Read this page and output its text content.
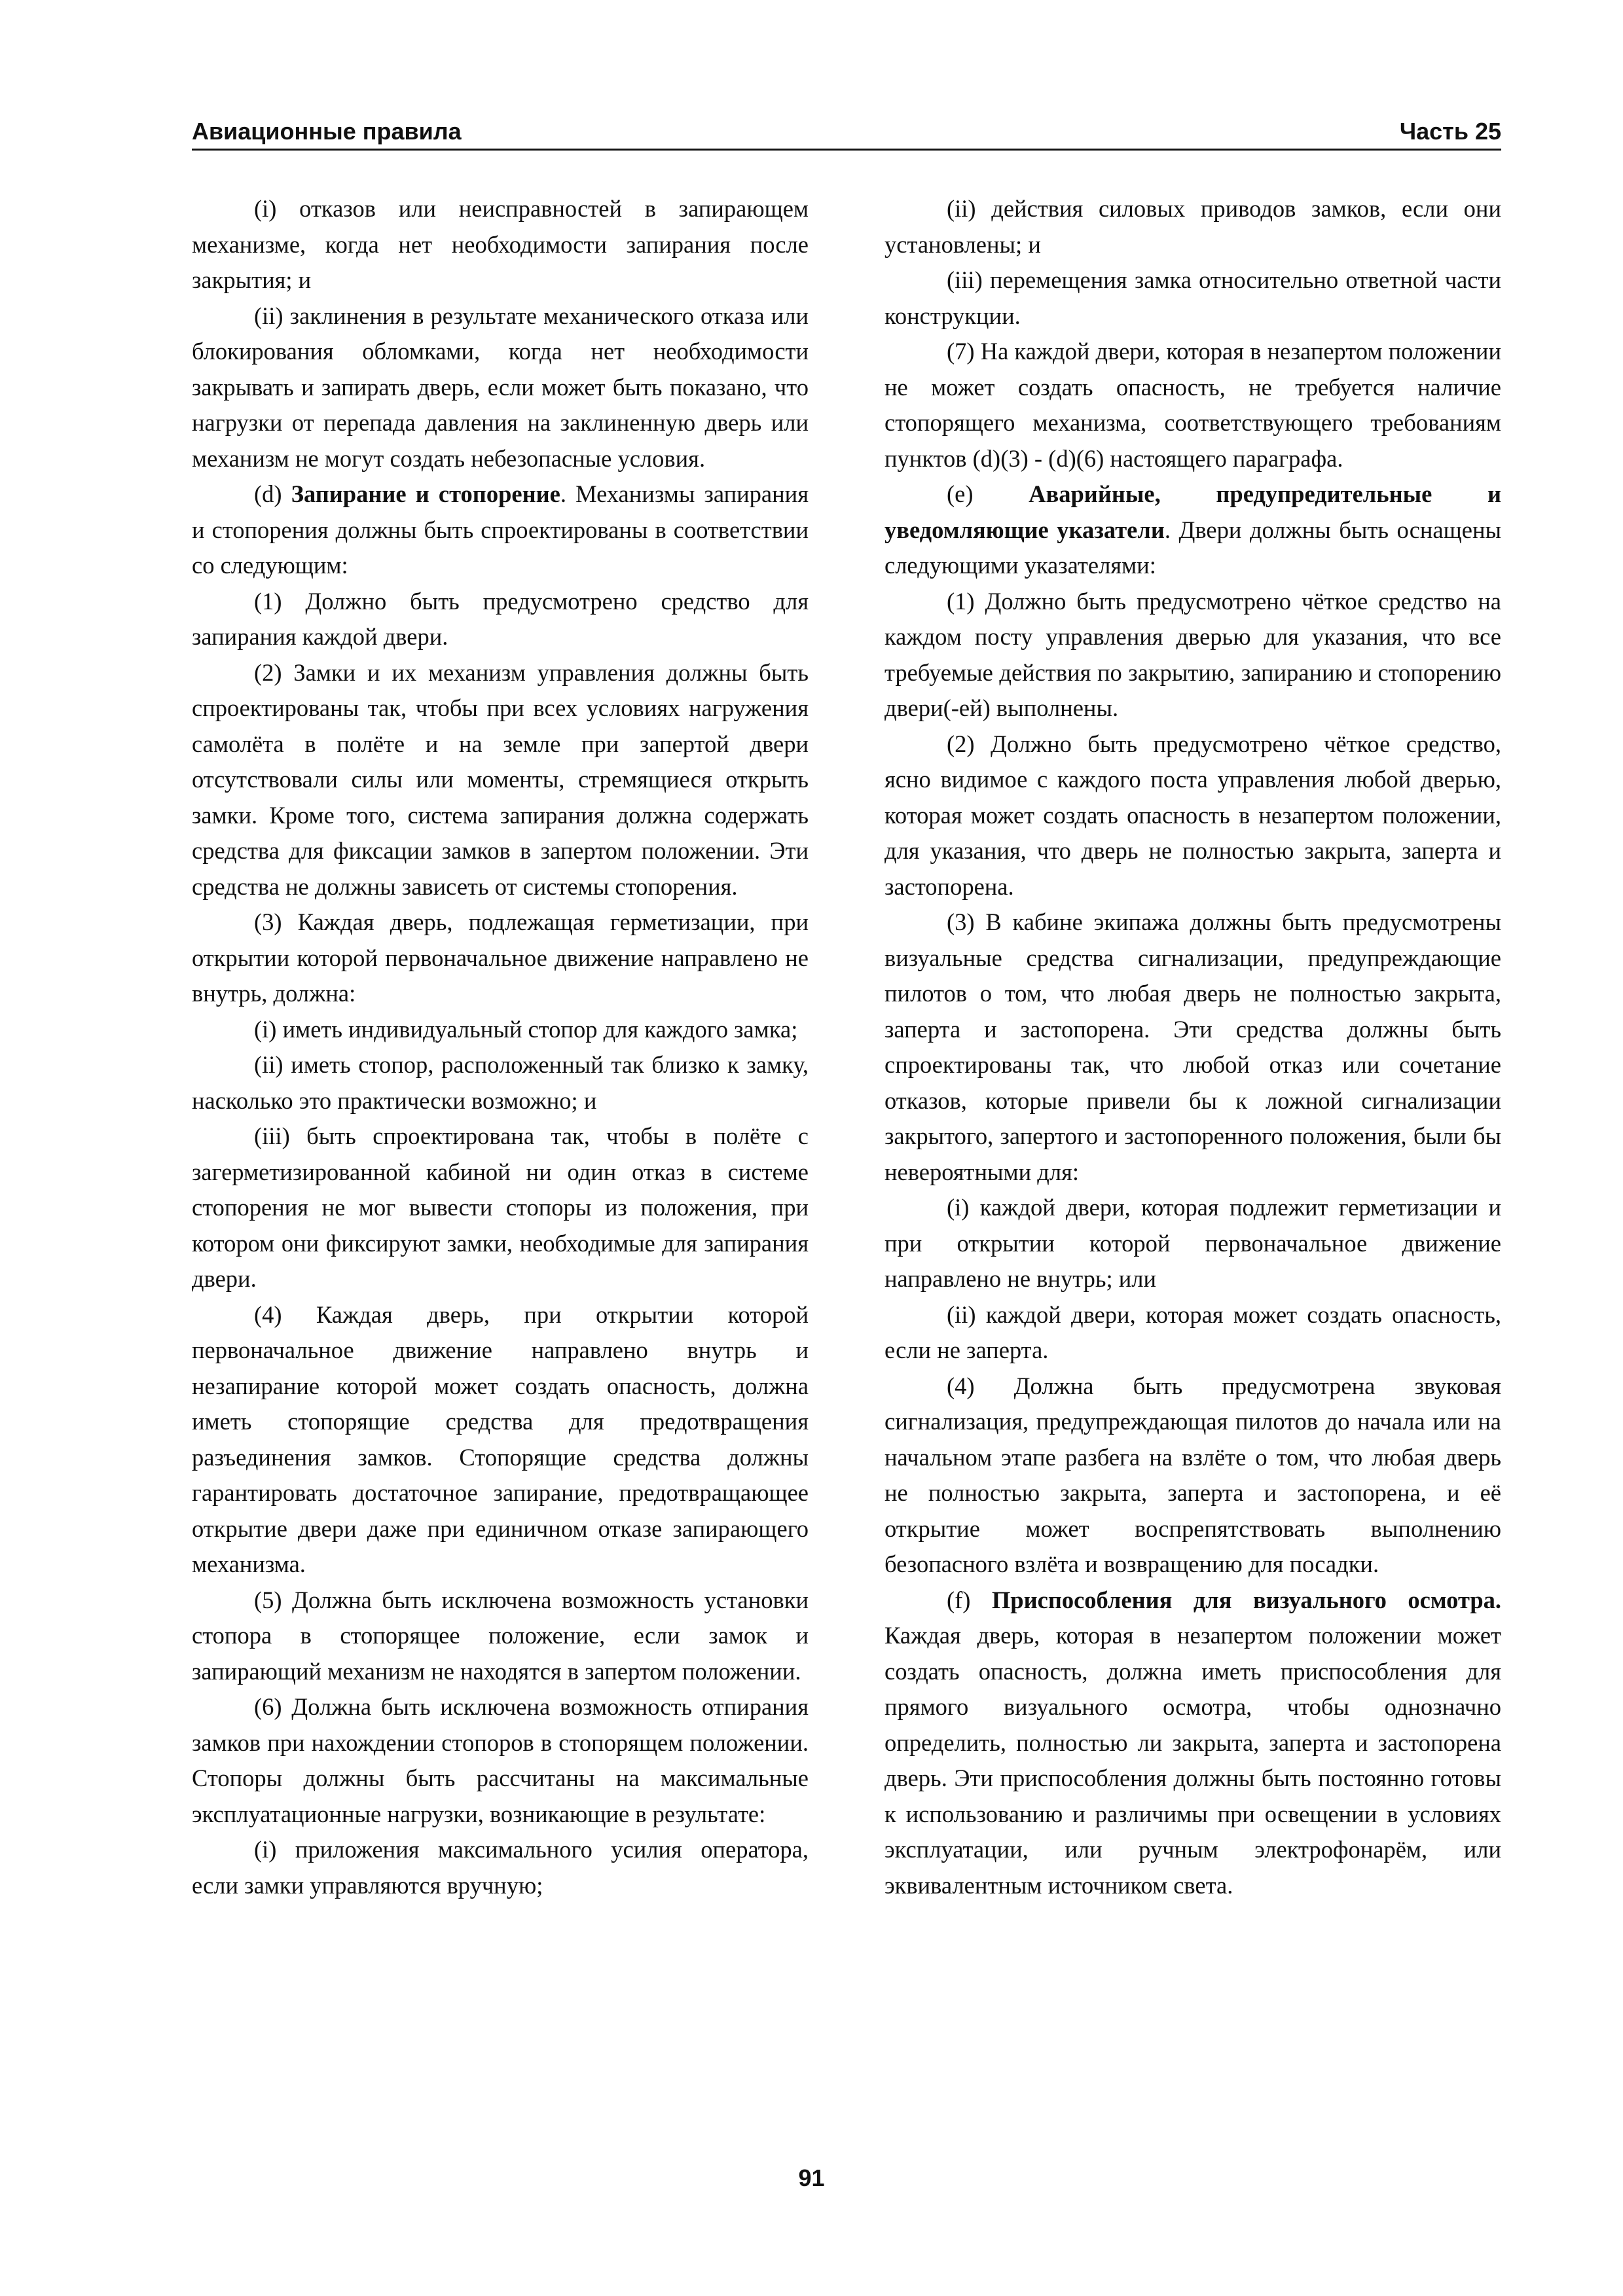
Авиационные правила	Часть 25

(i) отказов или неисправностей в запирающем механизме, когда нет необходимости запирания после закрытия; и

(ii) заклинения в результате механического отказа или блокирования обломками, когда нет необходимости закрывать и запирать дверь, если может быть показано, что нагрузки от перепада давления на заклиненную дверь или механизм не могут создать небезопасные условия.

(d) Запирание и стопорение. Механизмы запирания и стопорения должны быть спроектированы в соответствии со следующим:

(1) Должно быть предусмотрено средство для запирания каждой двери.

(2) Замки и их механизм управления должны быть спроектированы так, чтобы при всех условиях нагружения самолёта в полёте и на земле при запертой двери отсутствовали силы или моменты, стремящиеся открыть замки. Кроме того, система запирания должна содержать средства для фиксации замков в запертом положении. Эти средства не должны зависеть от системы стопорения.

(3) Каждая дверь, подлежащая герметизации, при открытии которой первоначальное движение направлено не внутрь, должна:

(i) иметь индивидуальный стопор для каждого замка;

(ii) иметь стопор, расположенный так близко к замку, насколько это практически возможно; и

(iii) быть спроектирована так, чтобы в полёте с загерметизированной кабиной ни один отказ в системе стопорения не мог вывести стопоры из положения, при котором они фиксируют замки, необходимые для запирания двери.

(4) Каждая дверь, при открытии которой первоначальное движение направлено внутрь и незапирание которой может создать опасность, должна иметь стопорящие средства для предотвращения разъединения замков. Стопорящие средства должны гарантировать достаточное запирание, предотвращающее открытие двери даже при единичном отказе запирающего механизма.

(5) Должна быть исключена возможность установки стопора в стопорящее положение, если замок и запирающий механизм не находятся в запертом положении.

(6) Должна быть исключена возможность отпирания замков при нахождении стопоров в стопорящем положении. Стопоры должны быть рассчитаны на максимальные эксплуатационные нагрузки, возникающие в результате:

(i) приложения максимального усилия оператора, если замки управляются вручную;

(ii) действия силовых приводов замков, если они установлены; и

(iii) перемещения замка относительно ответной части конструкции.

(7) На каждой двери, которая в незапертом положении не может создать опасность, не требуется наличие стопорящего механизма, соответствующего требованиям пунктов (d)(3) - (d)(6) настоящего параграфа.

(e) Аварийные, предупредительные и уведомляющие указатели. Двери должны быть оснащены следующими указателями:

(1) Должно быть предусмотрено чёткое средство на каждом посту управления дверью для указания, что все требуемые действия по закрытию, запиранию и стопорению двери(-ей) выполнены.

(2) Должно быть предусмотрено чёткое средство, ясно видимое с каждого поста управления любой дверью, которая может создать опасность в незапертом положении, для указания, что дверь не полностью закрыта, заперта и застопорена.

(3) В кабине экипажа должны быть предусмотрены визуальные средства сигнализации, предупреждающие пилотов о том, что любая дверь не полностью закрыта, заперта и застопорена. Эти средства должны быть спроектированы так, что любой отказ или сочетание отказов, которые привели бы к ложной сигнализации закрытого, запертого и застопоренного положения, были бы невероятными для:

(i) каждой двери, которая подлежит герметизации и при открытии которой первоначальное движение направлено не внутрь; или

(ii) каждой двери, которая может создать опасность, если не заперта.

(4) Должна быть предусмотрена звуковая сигнализация, предупреждающая пилотов до начала или на начальном этапе разбега на взлёте о том, что любая дверь не полностью закрыта, заперта и застопорена, и её открытие может воспрепятствовать выполнению безопасного взлёта и возвращению для посадки.

(f) Приспособления для визуального осмотра. Каждая дверь, которая в незапертом положении может создать опасность, должна иметь приспособления для прямого визуального осмотра, чтобы однозначно определить, полностью ли закрыта, заперта и застопорена дверь. Эти приспособления должны быть постоянно готовы к использованию и различимы при освещении в условиях эксплуатации, или ручным электрофонарём, или эквивалентным источником света.

91
